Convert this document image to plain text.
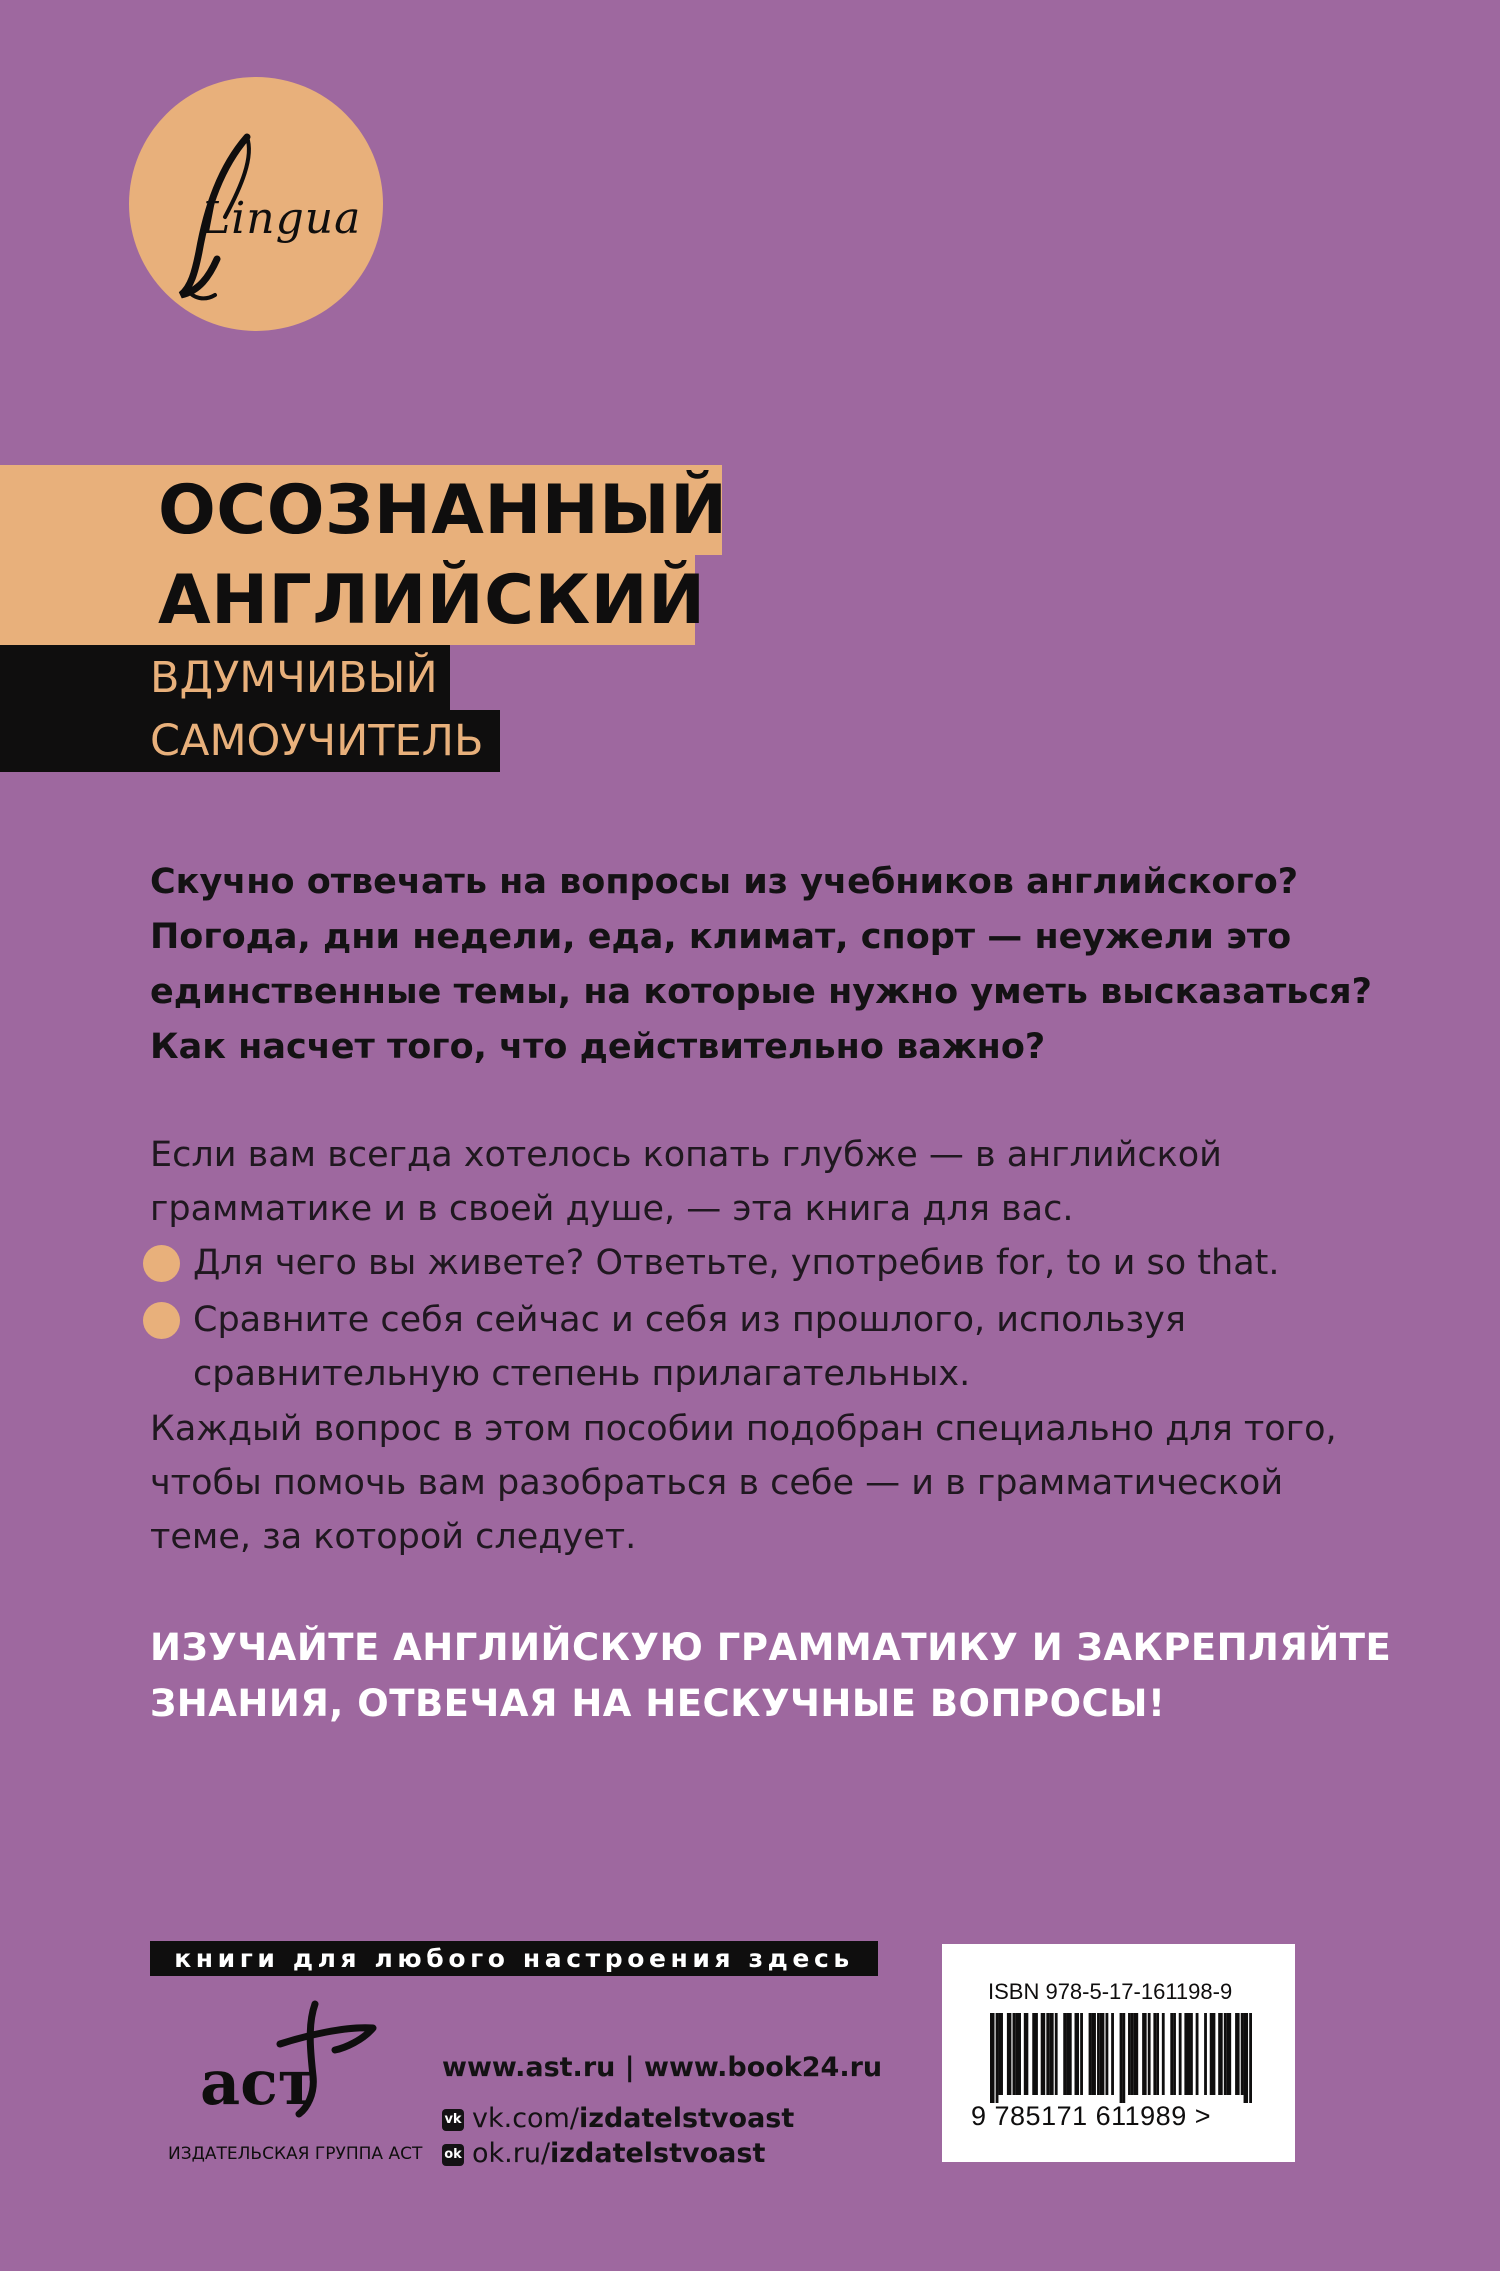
Lingua
ОСОЗНАННЫЙ
АНГЛИЙСКИЙ
ВДУМЧИВЫЙ
САМОУЧИТЕЛЬ
Скучно отвечать на вопросы из учебников английского?
Погода, дни недели, еда, климат, спорт — неужели это
единственные темы, на которые нужно уметь высказаться?
Как насчет того, что действительно важно?
Если вам всегда хотелось копать глубже — в английской
грамматике и в своей душе, — эта книга для вас.
Для чего вы живете? Ответьте, употребив for, to и so that.
Сравните себя сейчас и себя из прошлого, используя
сравнительную степень прилагательных.
Каждый вопрос в этом пособии подобран специально для того,
чтобы помочь вам разобраться в себе — и в грамматической
теме, за которой следует.
ИЗУЧАЙТЕ АНГЛИЙСКУЮ ГРАММАТИКУ И ЗАКРЕПЛЯЙТЕ
ЗНАНИЯ, ОТВЕЧАЯ НА НЕСКУЧНЫЕ ВОПРОСЫ!
книги для любого настроения здесь
аст
ИЗДАТЕЛЬСКАЯ ГРУППА АСТ
www.ast.ru | www.book24.ru
vk vk.com/izdatelstvoast
ok ok.ru/izdatelstvoast
ISBN 978-5-17-161198-9
9 785171 611989 >
